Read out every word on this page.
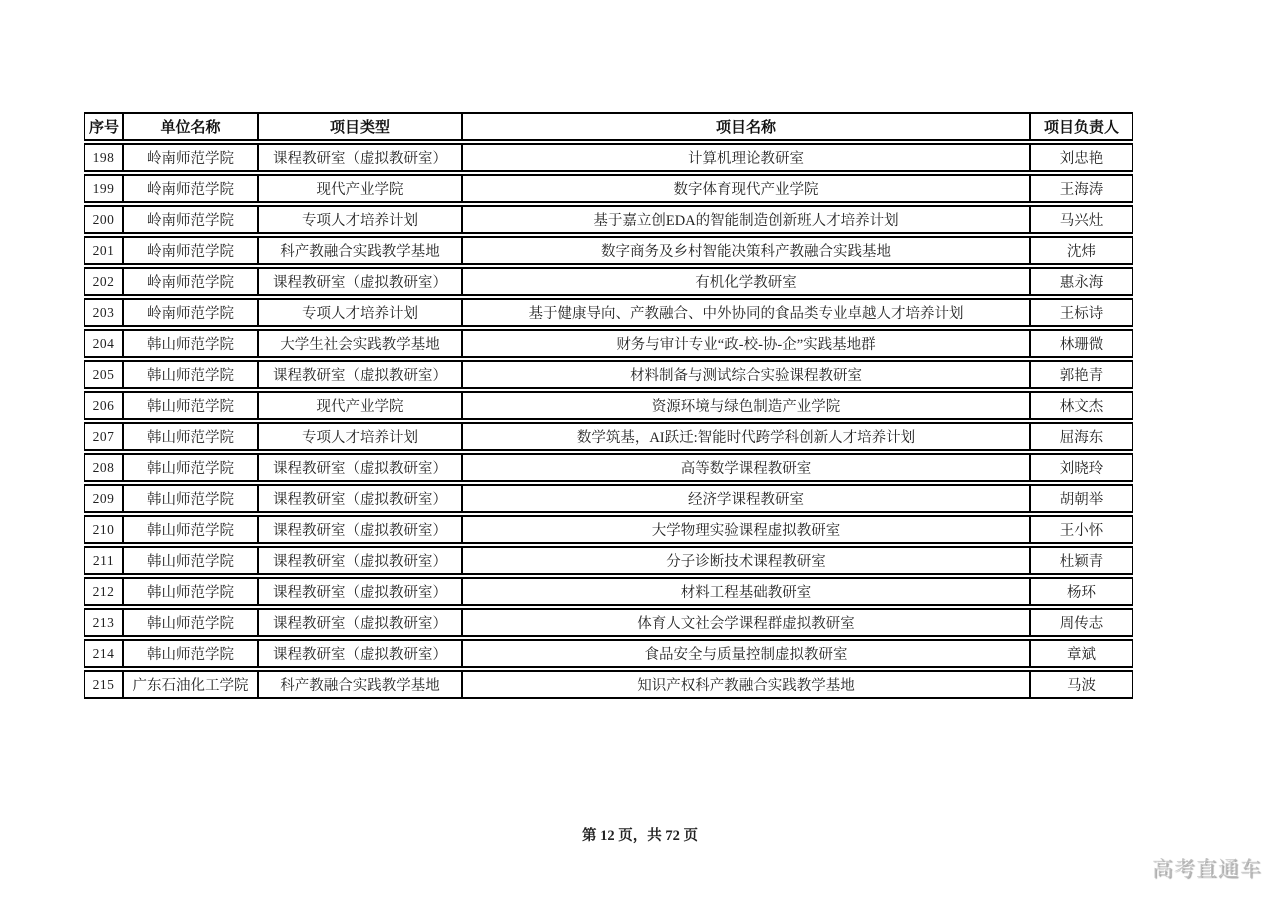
序号	单位名称	项目类型	项目名称	项目负责人
198	岭南师范学院	课程教研室（虚拟教研室）	计算机理论教研室	刘忠艳
199	岭南师范学院	现代产业学院	数字体育现代产业学院	王海涛
200	岭南师范学院	专项人才培养计划	基于嘉立创EDA的智能制造创新班人才培养计划	马兴灶
201	岭南师范学院	科产教融合实践教学基地	数字商务及乡村智能决策科产教融合实践基地	沈炜
202	岭南师范学院	课程教研室（虚拟教研室）	有机化学教研室	惠永海
203	岭南师范学院	专项人才培养计划	基于健康导向、产教融合、中外协同的食品类专业卓越人才培养计划	王标诗
204	韩山师范学院	大学生社会实践教学基地	财务与审计专业“政-校-协-企”实践基地群	林珊微
205	韩山师范学院	课程教研室（虚拟教研室）	材料制备与测试综合实验课程教研室	郭艳青
206	韩山师范学院	现代产业学院	资源环境与绿色制造产业学院	林文杰
207	韩山师范学院	专项人才培养计划	数学筑基，AI跃迁:智能时代跨学科创新人才培养计划	屈海东
208	韩山师范学院	课程教研室（虚拟教研室）	高等数学课程教研室	刘晓玲
209	韩山师范学院	课程教研室（虚拟教研室）	经济学课程教研室	胡朝举
210	韩山师范学院	课程教研室（虚拟教研室）	大学物理实验课程虚拟教研室	王小怀
211	韩山师范学院	课程教研室（虚拟教研室）	分子诊断技术课程教研室	杜颖青
212	韩山师范学院	课程教研室（虚拟教研室）	材料工程基础教研室	杨环
213	韩山师范学院	课程教研室（虚拟教研室）	体育人文社会学课程群虚拟教研室	周传志
214	韩山师范学院	课程教研室（虚拟教研室）	食品安全与质量控制虚拟教研室	章斌
215	广东石油化工学院	科产教融合实践教学基地	知识产权科产教融合实践教学基地	马波
第 12 页，共 72 页
高考直通车
